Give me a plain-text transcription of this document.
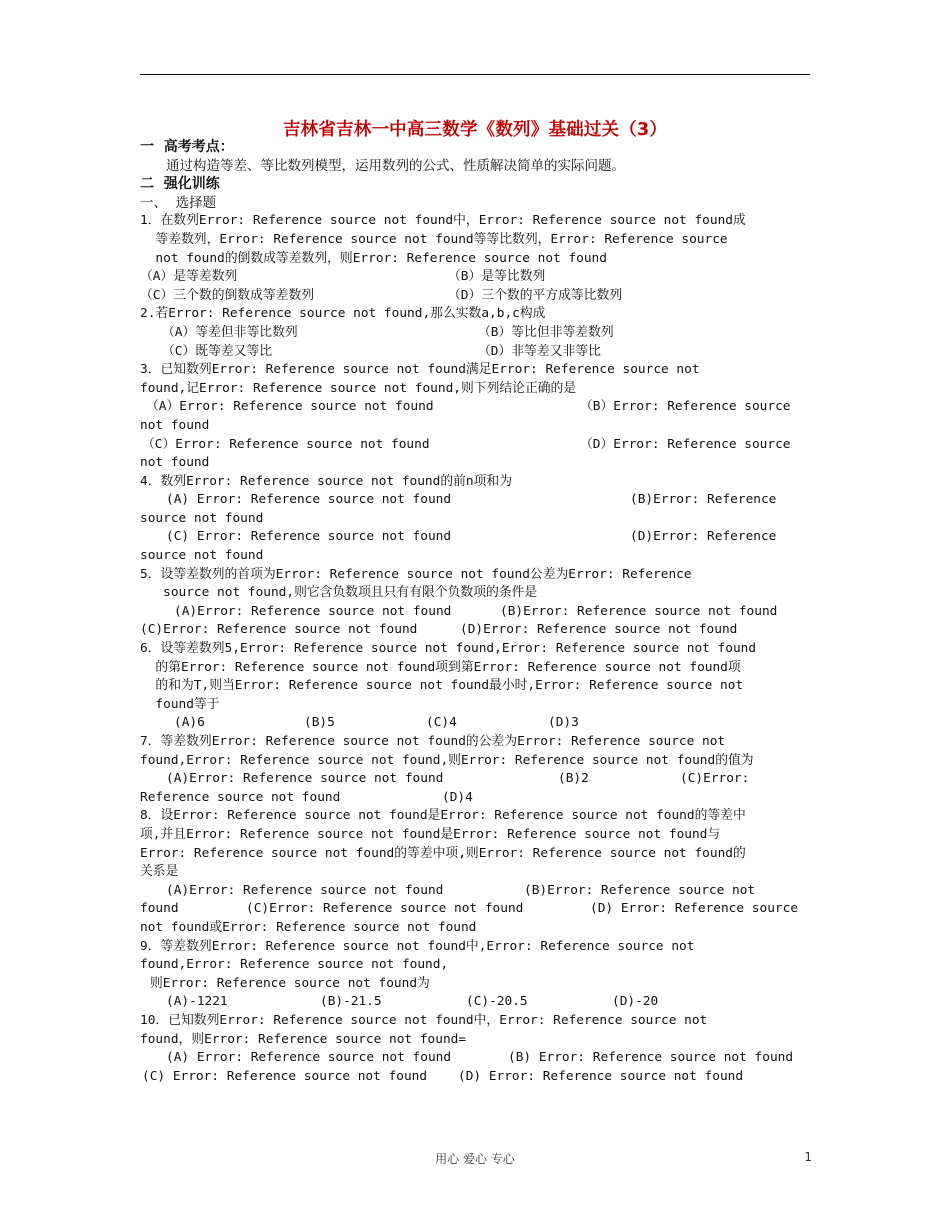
吉林省吉林一中高三数学《数列》基础过关（3）
一  高考考点：
通过构造等差、等比数列模型，运用数列的公式、性质解决简单的实际问题。
二  强化训练
一、  选择题
1．在数列Error: Reference source not found中，Error: Reference source not found成
等差数列，Error: Reference source not found等等比数列，Error: Reference source
not found的倒数成等差数列，则Error: Reference source not found

（A）是等差数列

	（B）是等比数列

（C）三个数的倒数成等差数列

	（D）三个数的平方成等比数列

2.若Error: Reference source not found,那么实数a,b,c构成

（A）等差但非等比数列

	（B）等比但非等差数列

（C）既等差又等比

	（D）非等差又非等比

3．已知数列Error: Reference source not found满足Error: Reference source not
found,记Error: Reference source not found,则下列结论正确的是

（A）Error: Reference source not found

	（B）Error: Reference source

not found

（C）Error: Reference source not found

	（D）Error: Reference source

not found
4．数列Error: Reference source not found的前n项和为

(A) Error: Reference source not found

	(B)Error: Reference

source not found

(C) Error: Reference source not found

	(D)Error: Reference

source not found
5．设等差数列的首项为Error: Reference source not found公差为Error: Reference
source not found,则它含负数项且只有有限个负数项的条件是

(A)Error: Reference source not found

	(B)Error: Reference source not found

(C)Error: Reference source not found

	(D)Error: Reference source not found

6．设等差数列5,Error: Reference source not found,Error: Reference source not found
的第Error: Reference source not found项到第Error: Reference source not found项
的和为T,则当Error: Reference source not found最小时,Error: Reference source not
found等于

(A)6

	(B)5

	(C)4

	(D)3

7．等差数列Error: Reference source not found的公差为Error: Reference source not
found,Error: Reference source not found,则Error: Reference source not found的值为

(A)Error: Reference source not found

	(B)2

	(C)Error:

Reference source not found

	(D)4

8．设Error: Reference source not found是Error: Reference source not found的等差中
项,并且Error: Reference source not found是Error: Reference source not found与
Error: Reference source not found的等差中项,则Error: Reference source not found的
关系是

(A)Error: Reference source not found

	(B)Error: Reference source not

found

	(C)Error: Reference source not found

	(D) Error: Reference source

not found或Error: Reference source not found
9．等差数列Error: Reference source not found中,Error: Reference source not
found,Error: Reference source not found,
则Error: Reference source not found为

(A)-1221

	(B)-21.5

	(C)-20.5

	(D)-20

10．已知数列Error: Reference source not found中，Error: Reference source not
found，则Error: Reference source not found=

(A) Error: Reference source not found

	(B) Error: Reference source not found

(C) Error: Reference source not found

(D) Error: Reference source not found

用心 爱心 专心	1
